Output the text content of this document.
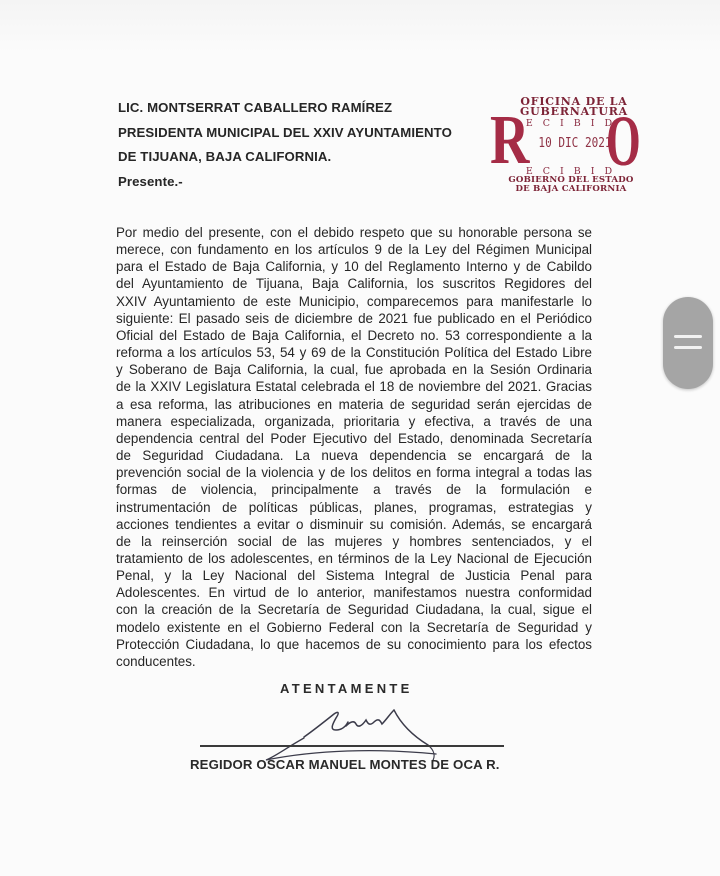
LIC. MONTSERRAT CABALLERO RAMÍREZ
PRESIDENTA MUNICIPAL DEL XXIV AYUNTAMIENTO
DE TIJUANA, BAJA CALIFORNIA.
Presente.-
OFICINA DE LA
GUBERNATURA
ECIBID
R 10 DIC 2021
O
ECIBID
GOBIERNO DEL ESTADO
DE BAJA CALIFORNIA
Por medio del presente, con el debido respeto que su honorable persona se
merece, con fundamento en los artículos 9 de la Ley del Régimen Municipal
para el Estado de Baja California, y 10 del Reglamento Interno y de Cabildo
del Ayuntamiento de Tijuana, Baja California, los suscritos Regidores del
XXIV Ayuntamiento de este Municipio, comparecemos para manifestarle lo
siguiente: El pasado seis de diciembre de 2021 fue publicado en el Periódico
Oficial del Estado de Baja California, el Decreto no. 53 correspondiente a la
reforma a los artículos 53, 54 y 69 de la Constitución Política del Estado Libre
y Soberano de Baja California, la cual, fue aprobada en la Sesión Ordinaria
de la XXIV Legislatura Estatal celebrada el 18 de noviembre del 2021. Gracias
a esa reforma, las atribuciones en materia de seguridad serán ejercidas de
manera especializada, organizada, prioritaria y efectiva, a través de una
dependencia central del Poder Ejecutivo del Estado, denominada Secretaría
de Seguridad Ciudadana. La nueva dependencia se encargará de la
prevención social de la violencia y de los delitos en forma integral a todas las
formas de violencia, principalmente a través de la formulación e
instrumentación de políticas públicas, planes, programas, estrategias y
acciones tendientes a evitar o disminuir su comisión. Además, se encargará
de la reinserción social de las mujeres y hombres sentenciados, y el
tratamiento de los adolescentes, en términos de la Ley Nacional de Ejecución
Penal, y la Ley Nacional del Sistema Integral de Justicia Penal para
Adolescentes. En virtud de lo anterior, manifestamos nuestra conformidad
con la creación de la Secretaría de Seguridad Ciudadana, la cual, sigue el
modelo existente en el Gobierno Federal con la Secretaría de Seguridad y
Protección Ciudadana, lo que hacemos de su conocimiento para los efectos
conducentes.
ATENTAMENTE
REGIDOR OSCAR MANUEL MONTES DE OCA R.
